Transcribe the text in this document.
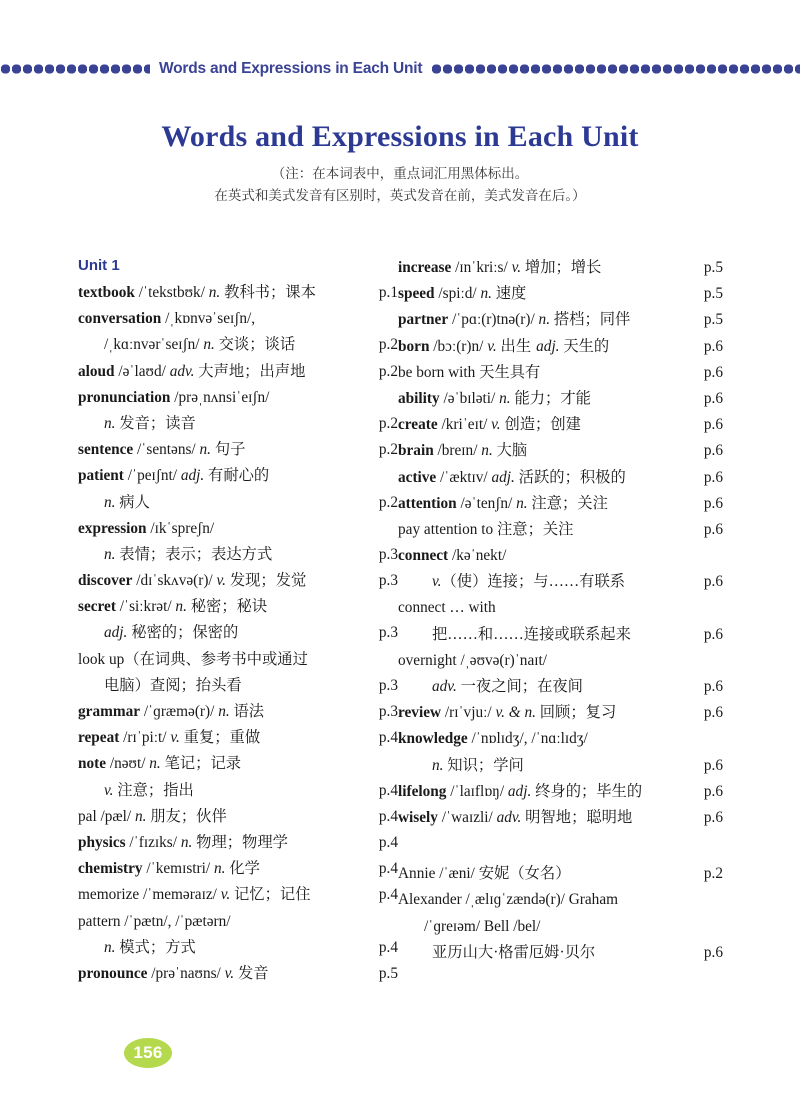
Words and Expressions in Each Unit
Words and Expressions in Each Unit
（注：在本词表中，重点词汇用黑体标出。
在英式和美式发音有区别时，英式发音在前，美式发音在后。）
Unit 1
textbook /ˈtekstbʊk/ n. 教科书；课本	p.1
conversation /ˌkɒnvəˈseɪʃn/,
/ˌkɑːnvərˈseɪʃn/ n. 交谈；谈话	p.2
aloud /əˈlaʊd/ adv. 大声地；出声地	p.2
pronunciation /prəˌnʌnsiˈeɪʃn/
n. 发音；读音	p.2
sentence /ˈsentəns/ n. 句子	p.2
patient /ˈpeɪʃnt/ adj. 有耐心的
n. 病人	p.2
expression /ɪkˈspreʃn/
n. 表情；表示；表达方式	p.3
discover /dɪˈskʌvə(r)/ v. 发现；发觉	p.3
secret /ˈsiːkrət/ n. 秘密；秘诀
adj. 秘密的；保密的	p.3
look up（在词典、参考书中或通过
电脑）查阅；抬头看	p.3
grammar /ˈɡræmə(r)/ n. 语法	p.3
repeat /rɪˈpiːt/ v. 重复；重做	p.4
note /nəʊt/ n. 笔记；记录
v. 注意；指出	p.4
pal /pæl/ n. 朋友；伙伴	p.4
physics /ˈfɪzɪks/ n. 物理；物理学	p.4
chemistry /ˈkemɪstri/ n. 化学	p.4
memorize /ˈmeməraɪz/ v. 记忆；记住	p.4
pattern /ˈpætn/, /ˈpætərn/
n. 模式；方式	p.4
pronounce /prəˈnaʊns/ v. 发音	p.5
increase /ɪnˈkriːs/ v. 增加；增长	p.5
speed /spiːd/ n. 速度	p.5
partner /ˈpɑː(r)tnə(r)/ n. 搭档；同伴	p.5
born /bɔː(r)n/ v. 出生 adj. 天生的	p.6
be born with 天生具有	p.6
ability /əˈbɪləti/ n. 能力；才能	p.6
create /kriˈeɪt/ v. 创造；创建	p.6
brain /breɪn/ n. 大脑	p.6
active /ˈæktɪv/ adj. 活跃的；积极的	p.6
attention /əˈtenʃn/ n. 注意；关注	p.6
pay attention to 注意；关注	p.6
connect /kəˈnekt/
v.（使）连接；与……有联系	p.6
connect … with
把……和……连接或联系起来	p.6
overnight /ˌəʊvə(r)ˈnaɪt/
adv. 一夜之间；在夜间	p.6
review /rɪˈvjuː/ v. & n. 回顾；复习	p.6
knowledge /ˈnɒlɪdʒ/, /ˈnɑːlɪdʒ/
n. 知识；学问	p.6
lifelong /ˈlaɪflɒŋ/ adj. 终身的；毕生的	p.6
wisely /ˈwaɪzli/ adv. 明智地；聪明地	p.6
Annie /ˈæni/ 安妮（女名）	p.2
Alexander /ˌælɪɡˈzændə(r)/ Graham
/ˈɡreɪəm/ Bell /bel/
亚历山大·格雷厄姆·贝尔	p.6
156
